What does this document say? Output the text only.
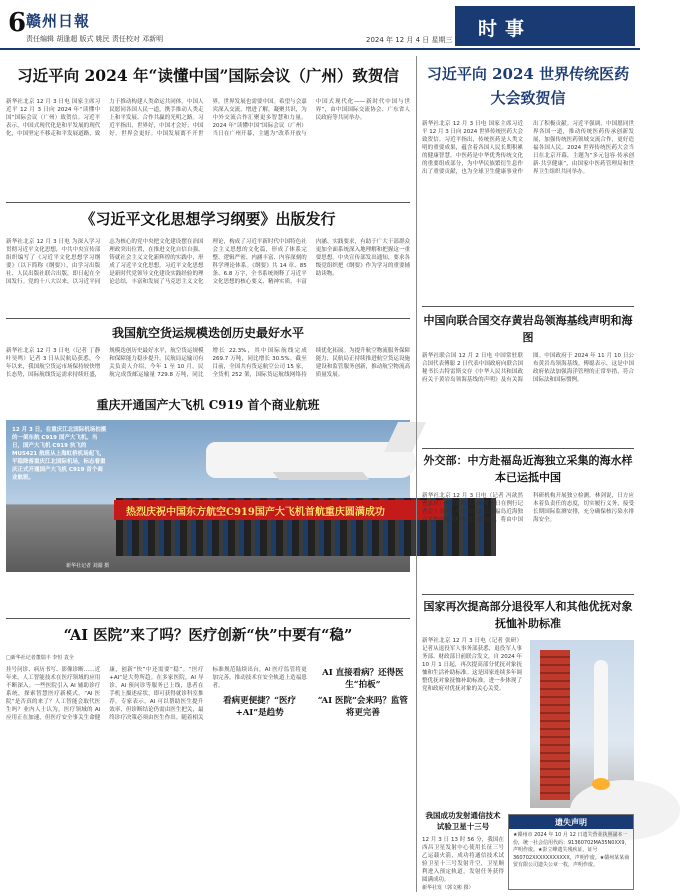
6 赣州日報
责任编辑 胡逢超 版式 姚民 责任校对 邓新明	2024 年 12 月 4 日 星期三 时事
习近平向 2024 年“读懂中国”国际会议（广州）致贺信
新华社北京 12 月 3 日电 国家主席习近平 12 月 3 日向 2024 年“读懂中国”国际会议（广州）致贺信。习近平表示，中国式现代化是和平发展的现代化，中国坚定不移走和平发展道路，致力于推动构建人类命运共同体。中国人民愿同各国人民一道，携手推动人类走上和平发展、合作共赢的光明之路。习近平指出，世界好，中国才会好；中国好，世界会更好。中国发展离不开世界，世界发展也需要中国。希望与会嘉宾深入交流，增进了解，凝聚共识，为中外交流合作汇聚更多智慧和力量。2024 年“读懂中国”国际会议（广州）当日在广州开幕，主题为“改革开放与中国式现代化——新时代中国与世界”，由中国国际交流协会、广东省人民政府等共同举办。
《习近平文化思想学习纲要》出版发行
新华社北京 12 月 3 日电 为深入学习贯彻习近平文化思想，中共中央宣传部组织编写了《习近平文化思想学习纲要》（以下简称《纲要》），由学习出版社、人民出版社联合出版，即日起在全国发行。党的十八大以来，以习近平同志为核心的党中央把文化建设摆在治国理政突出位置，在推进文化自信自强、铸就社会主义文化新辉煌的实践中，形成了习近平文化思想。习近平文化思想是新时代党领导文化建设实践经验的理论总结，丰富和发展了马克思主义文化理论，构成了习近平新时代中国特色社会主义思想的文化篇，形成了体系完整、逻辑严密、内涵丰富、内容深刻的科学理论体系。《纲要》共 14 章、85 条、6.8 万字，全书系统阐释了习近平文化思想的核心要义、精神实质、丰富内涵、实践要求，有助于广大干部群众更加全面系统深入地理解和把握这一重要思想。中央宣传部发出通知，要求各级党组织把《纲要》作为学习的重要辅助读物。
我国航空货运规模迭创历史最好水平
新华社北京 12 月 3 日电（记者 丁静 叶昊鸣）记者 3 日从民航局获悉，今年以来，我国航空货运市场保持较快增长态势，国际航线货运需求持续旺盛，规模迭创历史最好水平，航空货运规模和保障能力稳步提升。民航局运输司有关负责人介绍，今年 1 至 10 月，民航完成货邮运输量 729.8 万吨，同比增长 22.3%，其中国际航线完成 269.7 万吨，同比增长 30.5%。截至目前，全国共有货运航空公司 15 家，全货机 252 架，国际货运航线网络持续优化拓展。为提升航空物流服务保障能力，民航局正持续推进航空货运设施建设和监管服务创新，推动航空物流高质量发展。
重庆开通国产大飞机 C919 首个商业航班
热烈庆祝中国东方航空C919国产大飞机首航重庆圆满成功
12 月 3 日，在重庆江北国际机场拍摄的一架东航 C919 国产大飞机。当日，国产大飞机 C919 执飞的 MU5421 航班从上海虹桥机场起飞，平稳降落重庆江北国际机场，标志着重庆正式开通国产大飞机 C919 首个商业航班。
新华社记者 刘潺 摄
“AI 医院”来了吗？医疗创新“快”中要有“稳”
□新华社记者董瑞丰 李恒 袁全
挂号问诊、病历书写、影像诊断……近年来，人工智能技术在医疗领域的应用不断深入。一些医院引入 AI 辅助诊疗系统，探索智慧医疗新模式。“AI 医院”是否真的来了？人工智能会取代医生吗？业内人士认为，医疗领域的 AI 应用正在加速，但医疗安全事关生命健康，创新“快”中还需要“稳”。“医疗+AI”是大势所趋。在多家医院，AI 导诊、AI 预问诊等服务已上线，患者在手机上描述症状，即可获得就诊科室推荐。专家表示，AI 可以帮助医生提升效率，但诊断结论仍需由医生把关，最终诊疗决策必须由医生作出。随着相关标准规范陆续出台，AI 医疗监管将更加完善，推动技术在安全轨道上造福患者。
看病更便捷？“医疗+AI”是趋势
AI 直接看病？还得医生“拍板”
“AI 医院”会来吗？监管将更完善
习近平向 2024 世界传统医药大会致贺信
新华社北京 12 月 3 日电 国家主席习近平 12 月 3 日向 2024 世界传统医药大会致贺信。习近平指出，传统医药是人类文明的重要成果，蕴含着各国人民长期积累的健康智慧。中医药是中华优秀传统文化的重要组成部分，为中华民族繁衍生息作出了重要贡献，也为全球卫生健康事业作出了积极贡献。习近平强调，中国愿同世界各国一道，推动传统医药传承创新发展，加强传统医药领域交流合作，更好造福各国人民。2024 世界传统医药大会当日在北京开幕，主题为“多元包容·传承创新·共享健康”，由国家中医药管理局和世界卫生组织共同举办。
中国向联合国交存黄岩岛领海基线声明和海图
新华社联合国 12 月 2 日电 中国常驻联合国代表傅聪 2 日代表中国政府向联合国秘书长古特雷斯交存《中华人民共和国政府关于黄岩岛领海基线的声明》及有关海图。中国政府于 2024 年 11 月 10 日公布黄岩岛领海基线。傅聪表示，这是中国政府依法加强海洋管理的正常举措，符合国际法和国际惯例。
外交部：中方赴福岛近海独立采集的海水样本已运抵中国
新华社北京 12 月 3 日电（记者 冯歆然 曹嘉玥）外交部发言人林剑 3 日在例行记者会上表示，中方专家赴日本福岛近海独立采集的海水样本已运抵中国，将由中国科研机构开展独立检测。林剑说，日方应本着负责任的态度，切实履行义务，接受长期国际监测安排，充分确保核污染水排海安全。
国家再次提高部分退役军人和其他优抚对象抚恤补助标准
新华社北京 12 月 3 日电（记者 张研）记者从退役军人事务部获悉，退役军人事务部、财政部日前联合发文，自 2024 年 10 月 1 日起，再次提高部分优抚对象抚恤和生活补助标准。这是国家连续多年调整优抚对象抚恤补助标准，进一步体现了党和政府对优抚对象的关心关爱。
我国成功发射通信技术试验卫星十三号
12 月 3 日 13 时 56 分，我国在西昌卫星发射中心使用长征三号乙运载火箭，成功将通信技术试验卫星十三号发射升空，卫星顺利进入预定轨道，发射任务获得圆满成功。
新华社发（郭文彬 摄）
遗失声明
★赣州市 2024 年 10 月 12 日遗失营业执照副本一份，统一社会信用代码：91360702MA35N0XX9，声明作废。★彭立峰遗失残疾证，证号 360702XXXXXXXXXXX，声明作废。★赣州某某商贸有限公司遗失公章一枚，声明作废。
